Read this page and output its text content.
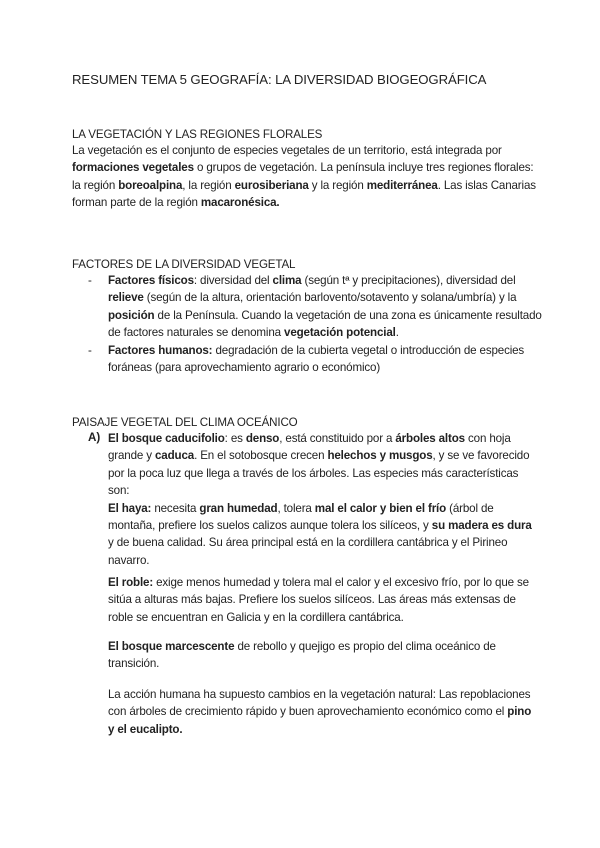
RESUMEN TEMA 5 GEOGRAFÍA: LA DIVERSIDAD BIOGEOGRÁFICA
LA VEGETACIÓN Y LAS REGIONES FLORALES

La vegetación es el conjunto de especies vegetales de un territorio, está integrada por formaciones vegetales o grupos de vegetación. La península incluye tres regiones florales: la región boreoalpina, la región eurosiberiana y la región mediterránea. Las islas Canarias forman parte de la región macaronésica.

FACTORES DE LA DIVERSIDAD VEGETAL
- Factores físicos: diversidad del clima (según tª y precipitaciones), diversidad del relieve (según de la altura, orientación barlovento/sotavento y solana/umbría) y la posición de la Península. Cuando la vegetación de una zona es únicamente resultado de factores naturales se denomina vegetación potencial.
- Factores humanos: degradación de la cubierta vegetal o introducción de especies foráneas (para aprovechamiento agrario o económico)
PAISAJE VEGETAL DEL CLIMA OCEÁNICO
A) El bosque caducifolio: es denso, está constituido por a árboles altos con hoja grande y caduca. En el sotobosque crecen helechos y musgos, y se ve favorecido por la poca luz que llega a través de los árboles. Las especies más características son:
El haya: necesita gran humedad, tolera mal el calor y bien el frío (árbol de montaña, prefiere los suelos calizos aunque tolera los silíceos, y su madera es dura y de buena calidad. Su área principal está en la cordillera cantábrica y el Pirineo navarro.

El roble: exige menos humedad y tolera mal el calor y el excesivo frío, por lo que se sitúa a alturas más bajas. Prefiere los suelos silíceos. Las áreas más extensas de roble se encuentran en Galicia y en la cordillera cantábrica.

El bosque marcescente de rebollo y quejigo es propio del clima oceánico de transición.

La acción humana ha supuesto cambios en la vegetación natural: Las repoblaciones con árboles de crecimiento rápido y buen aprovechamiento económico como el pino y el eucalipto.
